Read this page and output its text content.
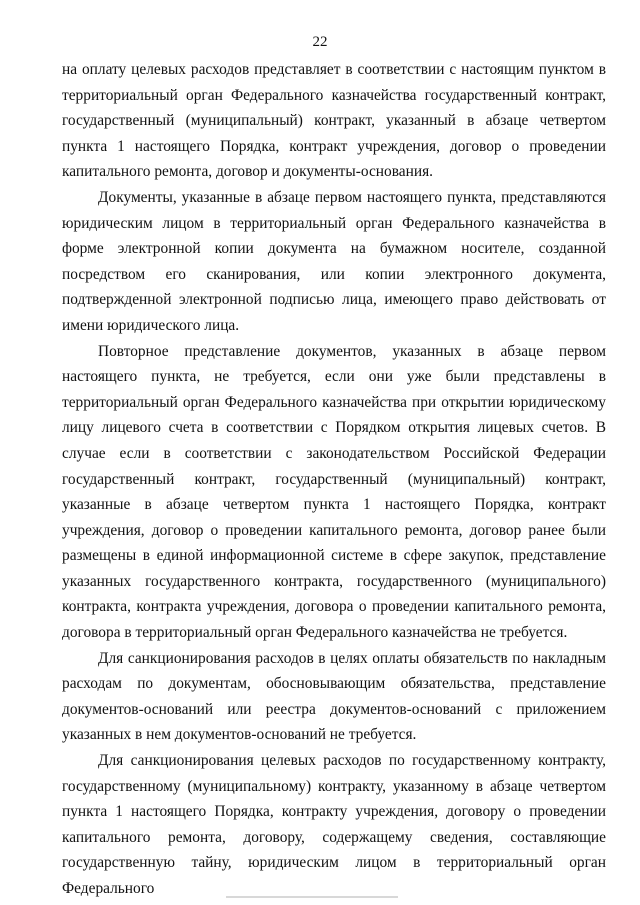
22

на оплату целевых расходов представляет в соответствии с настоящим пунктом в территориальный орган Федерального казначейства государственный контракт, государственный (муниципальный) контракт, указанный в абзаце четвертом пункта 1 настоящего Порядка, контракт учреждения, договор о проведении капитального ремонта, договор и документы-основания.

Документы, указанные в абзаце первом настоящего пункта, представляются юридическим лицом в территориальный орган Федерального казначейства в форме электронной копии документа на бумажном носителе, созданной посредством его сканирования, или копии электронного документа, подтвержденной электронной подписью лица, имеющего право действовать от имени юридического лица.

Повторное представление документов, указанных в абзаце первом настоящего пункта, не требуется, если они уже были представлены в территориальный орган Федерального казначейства при открытии юридическому лицу лицевого счета в соответствии с Порядком открытия лицевых счетов. В случае если в соответствии с законодательством Российской Федерации государственный контракт, государственный (муниципальный) контракт, указанные в абзаце четвертом пункта 1 настоящего Порядка, контракт учреждения, договор о проведении капитального ремонта, договор ранее были размещены в единой информационной системе в сфере закупок, представление указанных государственного контракта, государственного (муниципального) контракта, контракта учреждения, договора о проведении капитального ремонта, договора в территориальный орган Федерального казначейства не требуется.

Для санкционирования расходов в целях оплаты обязательств по накладным расходам по документам, обосновывающим обязательства, представление документов-оснований или реестра документов-оснований с приложением указанных в нем документов-оснований не требуется.

Для санкционирования целевых расходов по государственному контракту, государственному (муниципальному) контракту, указанному в абзаце четвертом пункта 1 настоящего Порядка, контракту учреждения, договору о проведении капитального ремонта, договору, содержащему сведения, составляющие государственную тайну, юридическим лицом в территориальный орган Федерального
